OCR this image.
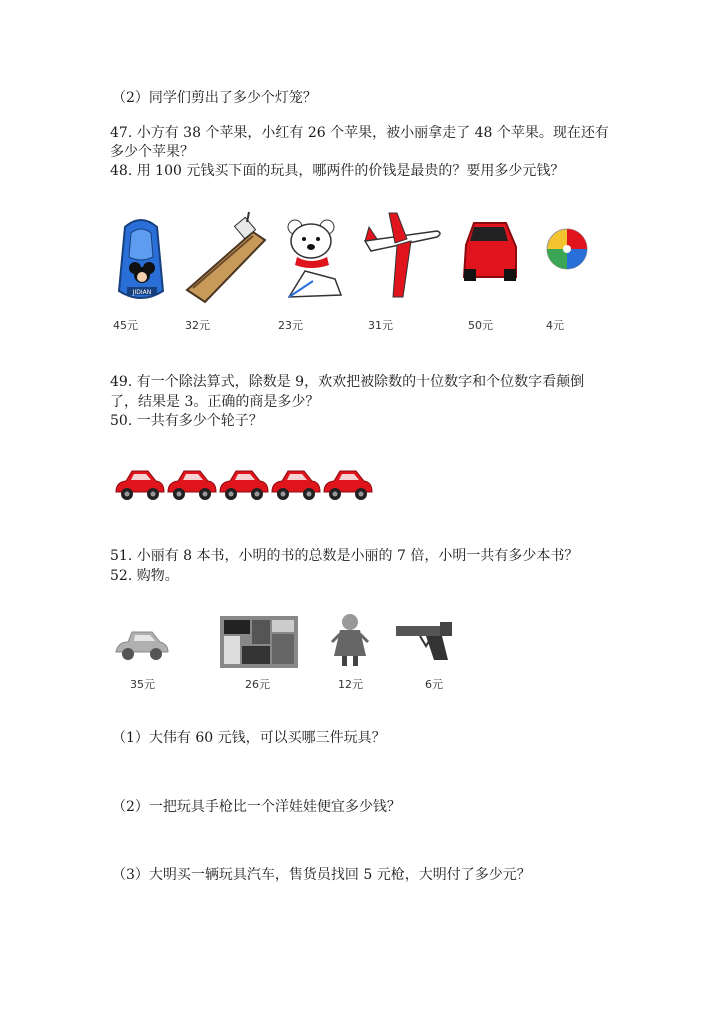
（2）同学们剪出了多少个灯笼？
47. 小方有 38 个苹果，小红有 26 个苹果，被小丽拿走了 48 个苹果。现在还有
多少个苹果？
48. 用 100 元钱买下面的玩具，哪两件的价钱是最贵的？要用多少元钱？
JIDIAN
45元	32元	23元	31元	50元	4元
49. 有一个除法算式，除数是 9，欢欢把被除数的十位数字和个位数字看颠倒
了，结果是 3。正确的商是多少？
50. 一共有多少个轮子？
51. 小丽有 8 本书，小明的书的总数是小丽的 7 倍，小明一共有多少本书？
52. 购物。
35元	26元	12元	6元
（1）大伟有 60 元钱，可以买哪三件玩具？
（2）一把玩具手枪比一个洋娃娃便宜多少钱？
（3）大明买一辆玩具汽车，售货员找回 5 元枪，大明付了多少元？
